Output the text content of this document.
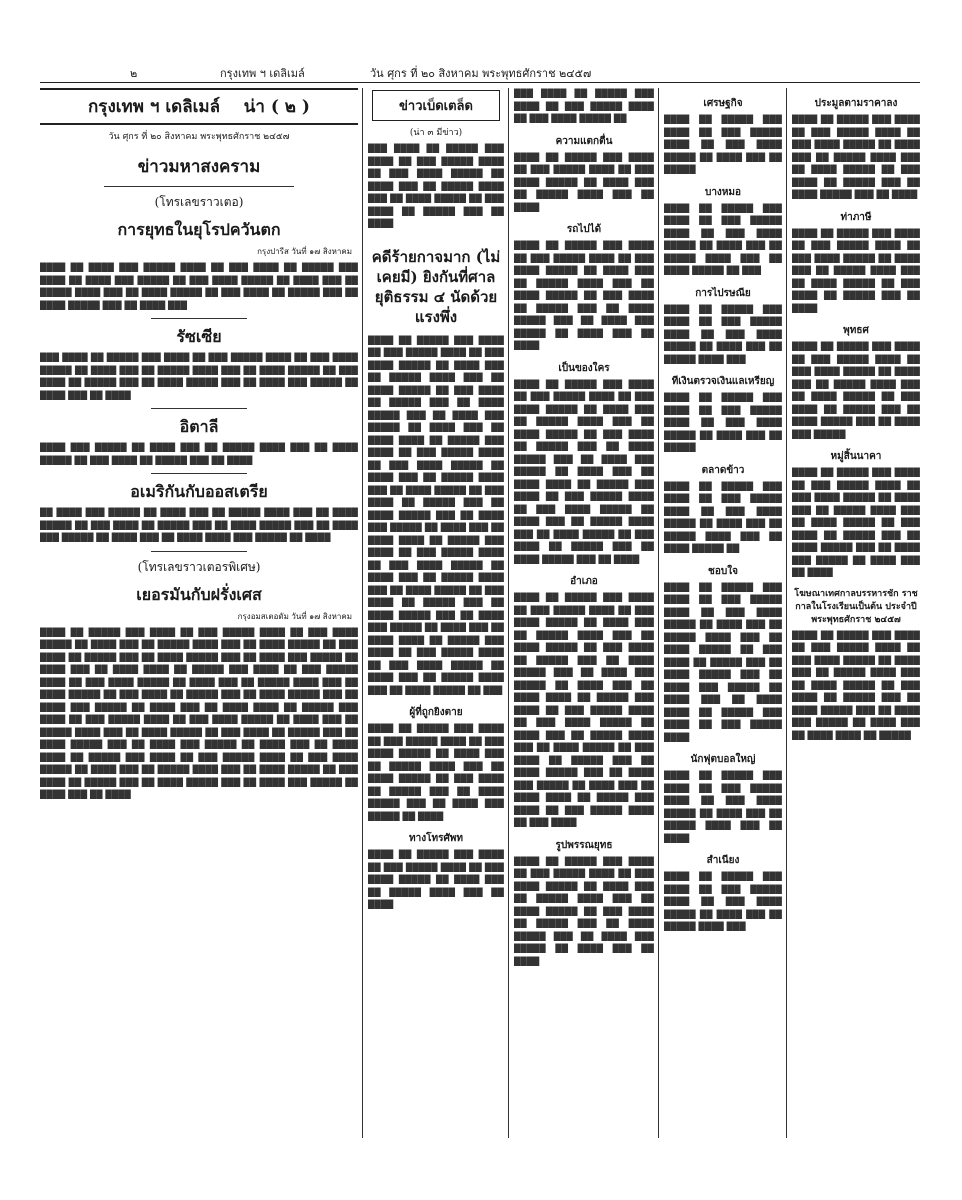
๒	กรุงเทพ ฯ เดลิเมล์	วัน ศุกร ที่ ๒๐ สิงหาคม พระพุทธศักราช ๒๔๕๗
กรุงเทพ ฯ เดลิเมล์ น่า ( ๒ )
วัน ศุกร ที่ ๒๐ สิงหาคม พระพุทธศักราช ๒๔๕๗
ข่าวมหาสงคราม
(โทรเลขราวเตอ)
การยุทธในยุโรปควันตก
กรุงปารีส วันที่ ๑๗ สิงหาคม
████ ██ ████ ███ █████ ████ ██ ███ ████ ██ █████ ███ ████ ██ ████ ███ █████ ██ ███ ████ █████ ██ ████ ███ ██ █████ ████ ███ ██ ████ █████ ██ ███ ████ ██ █████ ███ ██ ████ █████ ███ ██ ████ ███
รัซเซีย
███ ████ ██ █████ ███ ████ ██ ███ █████ ████ ██ ███ ████ █████ ██ ████ ███ ██ █████ ████ ███ ██ ████ █████ ██ ███ ████ ██ █████ ███ ██ ████ █████ ███ ██ ████ ███ █████ ██ ████ ███ ██ ████
อิตาลี
████ ███ █████ ██ ████ ███ ██ █████ ████ ███ ██ ████ █████ ██ ███ ████ ██ █████ ███ ██ ████
อเมริกันกับออสเตรีย
██ ████ ███ █████ ██ ████ ███ ██ █████ ████ ███ ██ ████ █████ ██ ███ ████ ██ █████ ███ ██ ████ █████ ███ ██ ████ ███ █████ ██ ████ ███ ██ ████ ████ ███ █████ ██ ████
(โทรเลขราวเตอรพิเศษ)
เยอรมันกับฝรั่งเศส
กรุงอมสเตอดัม วันที่ ๑๗ สิงหาคม
████ ██ █████ ███ ████ ██ ███ █████ ████ ██ ███ ████ █████ ██ ████ ███ ██ █████ ████ ███ ██ ████ █████ ██ ███ ████ ██ █████ ███ ██ ████ █████ ███ ██ ████ ███ █████ ██ ████ ███ ██ ████ ████ ██ █████ ███ ████ ██ ███ █████ ████ ██ ███ ████ █████ ██ ████ ███ ██ █████ ████ ███ ██ ████ █████ ██ ███ ████ ██ █████ ███ ██ ████ █████ ███ ██ ████ ███ █████ ██ ████ ███ ██ ████ ████ ██ █████ ███ ████ ██ ███ █████ ████ ██ ███ ████ █████ ██ ████ ███ ██ █████ ████ ███ ██ ████ █████ ██ ███ ████ ██ █████ ███ ██ ████ █████ ███ ██ ████ ███ █████ ██ ████ ███ ██ ████ ████ ██ █████ ███ ████ ██ ███ █████ ████ ██ ███ ████ █████ ██ ████ ███ ██ █████ ████ ███ ██ ████ █████ ██ ███ ████ ██ █████ ███ ██ ████ █████ ███ ██ ████ ███ █████ ██ ████ ███ ██ ████
ข่าวเบ็ดเตล็ด
(น่า ๓ มีข่าว)
███ ████ ██ █████ ███ ████ ██ ███ █████ ████ ██ ███ ████ █████ ██ ████ ███ ██ █████ ████ ███ ██ ████ █████ ██ ███ ████ ██ █████ ███ ██ ████
คดีร้ายกาจมาก (ไม่เคยมี) ยิงกันที่ศาลยุติธรรม ๔ นัดด้วยแรงพึ่ง
████ ██ █████ ███ ████ ██ ███ █████ ████ ██ ███ ████ █████ ██ ████ ███ ██ █████ ████ ███ ██ ████ █████ ██ ███ ████ ██ █████ ███ ██ ████ █████ ███ ██ ████ ███ █████ ██ ████ ███ ██ ████ ████ ██ █████ ███ ████ ██ ███ █████ ████ ██ ███ ████ █████ ██ ████ ███ ██ █████ ████ ███ ██ ████ █████ ██ ███ ████ ██ █████ ███ ██ ████ █████ ███ ██ ████ ███ █████ ██ ████ ███ ██ ████ ████ ██ █████ ███ ████ ██ ███ █████ ████ ██ ███ ████ █████ ██ ████ ███ ██ █████ ████ ███ ██ ████ █████ ██ ███ ████ ██ █████ ███ ██ ████ █████ ███ ██ ████ ███ █████ ██ ████ ███ ██ ████ ████ ██ █████ ███ ████ ██ ███ █████ ████ ██ ███ ████ █████ ██ ████ ███ ██ █████ ████ ███ ██ ████ █████ ██ ███
ผู้ที่ถูกยิงตาย
████ ██ █████ ███ ████ ██ ███ █████ ████ ██ ███ ████ █████ ██ ████ ███ ██ █████ ████ ███ ██ ████ █████ ██ ███ ████ ██ █████ ███ ██ ████ █████ ███ ██ ████ ███ █████ ██ ████
ทางโทรศัพท
████ ██ █████ ███ ████ ██ ███ █████ ████ ██ ███ ████ █████ ██ ████ ███ ██ █████ ████ ███ ██ ████
███ ████ ██ █████ ███ ████ ██ ███ █████ ████ ██ ███ ████ █████ ██
ความแตกตื่น
████ ██ █████ ███ ████ ██ ███ █████ ████ ██ ███ ████ █████ ██ ████ ███ ██ █████ ████ ███ ██ ████
รถไปได้
████ ██ █████ ███ ████ ██ ███ █████ ████ ██ ███ ████ █████ ██ ████ ███ ██ █████ ████ ███ ██ ████ █████ ██ ███ ████ ██ █████ ███ ██ ████ █████ ███ ██ ████ ███ █████ ██ ████ ███ ██ ████
เป็นของใคร
████ ██ █████ ███ ████ ██ ███ █████ ████ ██ ███ ████ █████ ██ ████ ███ ██ █████ ████ ███ ██ ████ █████ ██ ███ ████ ██ █████ ███ ██ ████ █████ ███ ██ ████ ███ █████ ██ ████ ███ ██ ████ ████ ██ █████ ███ ████ ██ ███ █████ ████ ██ ███ ████ █████ ██ ████ ███ ██ █████ ████ ███ ██ ████ █████ ██ ███ ████ ██ █████ ███ ██ ████ █████ ███ ██ ████
อำเภอ
████ ██ █████ ███ ████ ██ ███ █████ ████ ██ ███ ████ █████ ██ ████ ███ ██ █████ ████ ███ ██ ████ █████ ██ ███ ████ ██ █████ ███ ██ ████ █████ ███ ██ ████ ███ █████ ██ ████ ███ ██ ████ ████ ██ █████ ███ ████ ██ ███ █████ ████ ██ ███ ████ █████ ██ ████ ███ ██ █████ ████ ███ ██ ████ █████ ██ ███ ████ ██ █████ ███ ██ ████ █████ ███ ██ ████ ███ █████ ██ ████ ███ ██ ████ ████ ██ █████ ███ ████ ██ ███ █████ ████ ██ ███ ████
รูปพรรณยุทธ
████ ██ █████ ███ ████ ██ ███ █████ ████ ██ ███ ████ █████ ██ ████ ███ ██ █████ ████ ███ ██ ████ █████ ██ ███ ████ ██ █████ ███ ██ ████ █████ ███ ██ ████ ███ █████ ██ ████ ███ ██ ████
เศรษฐกิจ
████ ██ █████ ███ ████ ██ ███ █████ ████ ██ ███ ████ █████ ██ ████ ███ ██ █████
บางหมอ
████ ██ █████ ███ ████ ██ ███ █████ ████ ██ ███ ████ █████ ██ ████ ███ ██ █████ ████ ███ ██ ████ █████ ██ ███
การไปรษณีย
████ ██ █████ ███ ████ ██ ███ █████ ████ ██ ███ ████ █████ ██ ████ ███ ██ █████ ████ ███
ทีเงินตรวจเงินแลเหรียญ
████ ██ █████ ███ ████ ██ ███ █████ ████ ██ ███ ████ █████ ██ ████ ███ ██ █████
ตลาดข้าว
████ ██ █████ ███ ████ ██ ███ █████ ████ ██ ███ ████ █████ ██ ████ ███ ██ █████ ████ ███ ██ ████ █████ ██
ชอบใจ
████ ██ █████ ███ ████ ██ ███ █████ ████ ██ ███ ████ █████ ██ ████ ███ ██ █████ ████ ███ ██ ████ █████ ██ ███ ████ ██ █████ ███ ██ ████ █████ ███ ██ ████ ███ █████ ██ ████ ███ ██ ████ ████ ██ █████ ███ ████ ██ ███ █████ ████
นักฟุตบอลใหญ่
████ ██ █████ ███ ████ ██ ███ █████ ████ ██ ███ ████ █████ ██ ████ ███ ██ █████ ████ ███ ██ ████
สำเนียง
████ ██ █████ ███ ████ ██ ███ █████ ████ ██ ███ ████ █████ ██ ████ ███ ██ █████ ████ ███
ประมูลตามราคาลง
████ ██ █████ ███ ████ ██ ███ █████ ████ ██ ███ ████ █████ ██ ████ ███ ██ █████ ████ ███ ██ ████ █████ ██ ███ ████ ██ █████ ███ ██ ████ █████ ███ ██ ████
ท่าภาษี
████ ██ █████ ███ ████ ██ ███ █████ ████ ██ ███ ████ █████ ██ ████ ███ ██ █████ ████ ███ ██ ████ █████ ██ ███ ████ ██ █████ ███ ██ ████
พุทธศ
████ ██ █████ ███ ████ ██ ███ █████ ████ ██ ███ ████ █████ ██ ████ ███ ██ █████ ████ ███ ██ ████ █████ ██ ███ ████ ██ █████ ███ ██ ████ █████ ███ ██ ████ ███ █████
หมู่สิ้นนาคา
████ ██ █████ ███ ████ ██ ███ █████ ████ ██ ███ ████ █████ ██ ████ ███ ██ █████ ████ ███ ██ ████ █████ ██ ███ ████ ██ █████ ███ ██ ████ █████ ███ ██ ████ ███ █████ ██ ████ ███ ██ ████
โฆษณาเทศกาลบรรหารชัก ราชกาลในโรงเรียนเป็นต้น ประจำปีพระพุทธศักราช ๒๔๕๗
████ ██ █████ ███ ████ ██ ███ █████ ████ ██ ███ ████ █████ ██ ████ ███ ██ █████ ████ ███ ██ ████ █████ ██ ███ ████ ██ █████ ███ ██ ████ █████ ███ ██ ████ ███ █████ ██ ████ ███ ██ ████ ████ ██ █████
